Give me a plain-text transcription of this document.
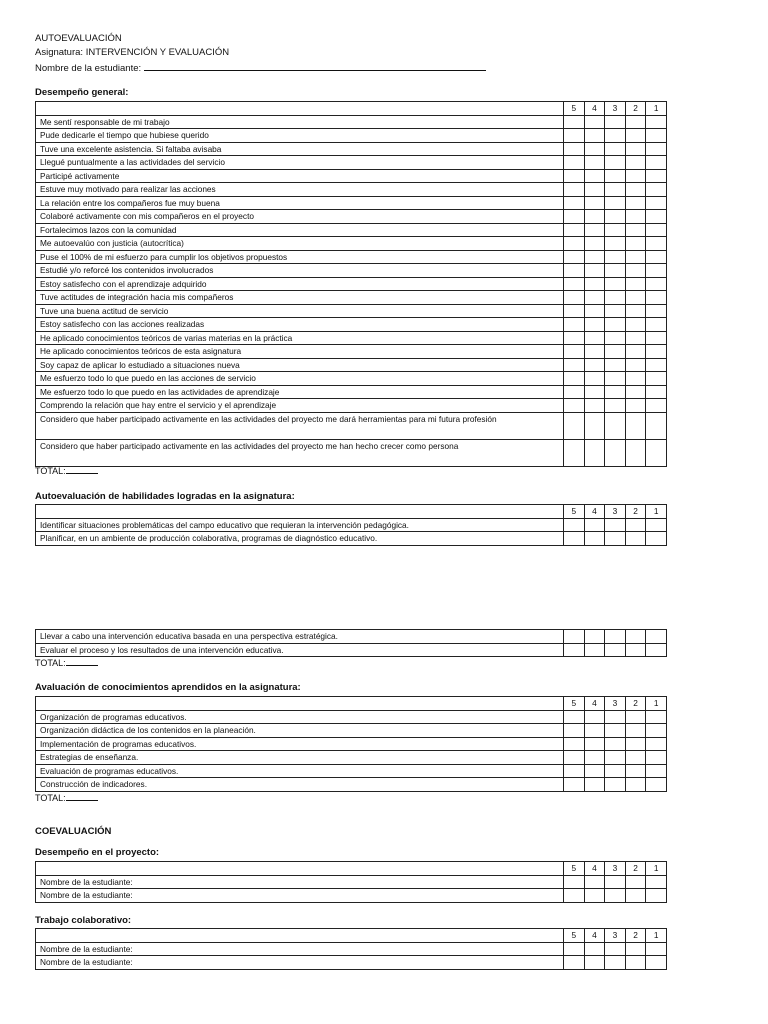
AUTOEVALUACIÓN
Asignatura: INTERVENCIÓN Y EVALUACIÓN
Nombre de la estudiante:
Desempeño general:
	5	4	3	2	1
Me sentí responsable de mi trabajo					
Pude dedicarle el tiempo que hubiese querido					
Tuve una excelente asistencia. Si faltaba avisaba					
Llegué puntualmente a las actividades del servicio					
Participé activamente					
Estuve muy motivado para realizar las acciones					
La relación entre los compañeros fue muy buena					
Colaboré activamente con mis compañeros en el proyecto					
Fortalecimos lazos con la comunidad					
Me autoevalúo con justicia (autocrítica)					
Puse el 100% de mi esfuerzo para cumplir los objetivos propuestos					
Estudié y/o reforcé los contenidos involucrados					
Estoy satisfecho con el aprendizaje adquirido					
Tuve actitudes de integración hacia mis compañeros					
Tuve una buena actitud de servicio					
Estoy satisfecho con las acciones realizadas					
He aplicado conocimientos teóricos de varias materias en la práctica					
He aplicado conocimientos teóricos de esta asignatura					
Soy capaz de aplicar lo estudiado a situaciones nueva					
Me esfuerzo todo lo que puedo en las acciones de servicio					
Me esfuerzo todo lo que puedo en las actividades de aprendizaje					
Comprendo la relación que hay entre el servicio y el aprendizaje					
Considero que haber participado activamente en las actividades del proyecto me dará herramientas para mi futura profesión					
Considero que haber participado activamente en las actividades del proyecto me han hecho crecer como persona					
TOTAL:
Autoevaluación de habilidades logradas en la asignatura:
	5	4	3	2	1
Identificar situaciones problemáticas del campo educativo que requieran la intervención pedagógica.					
Planificar, en un ambiente de producción colaborativa, programas de diagnóstico educativo.					
Llevar a cabo una intervención educativa basada en una perspectiva estratégica.					
Evaluar el proceso y los resultados de una intervención educativa.					
TOTAL:
Avaluación de conocimientos aprendidos en la asignatura:
	5	4	3	2	1
Organización de programas educativos.					
Organización didáctica de los contenidos en la planeación.					
Implementación de programas educativos.					
Estrategias de enseñanza.					
Evaluación de programas educativos.					
Construcción de indicadores.					
TOTAL:
COEVALUACIÓN
Desempeño en el proyecto:
	5	4	3	2	1
Nombre de la estudiante:					
Nombre de la estudiante:					
Trabajo colaborativo:
	5	4	3	2	1
Nombre de la estudiante:					
Nombre de la estudiante:					
